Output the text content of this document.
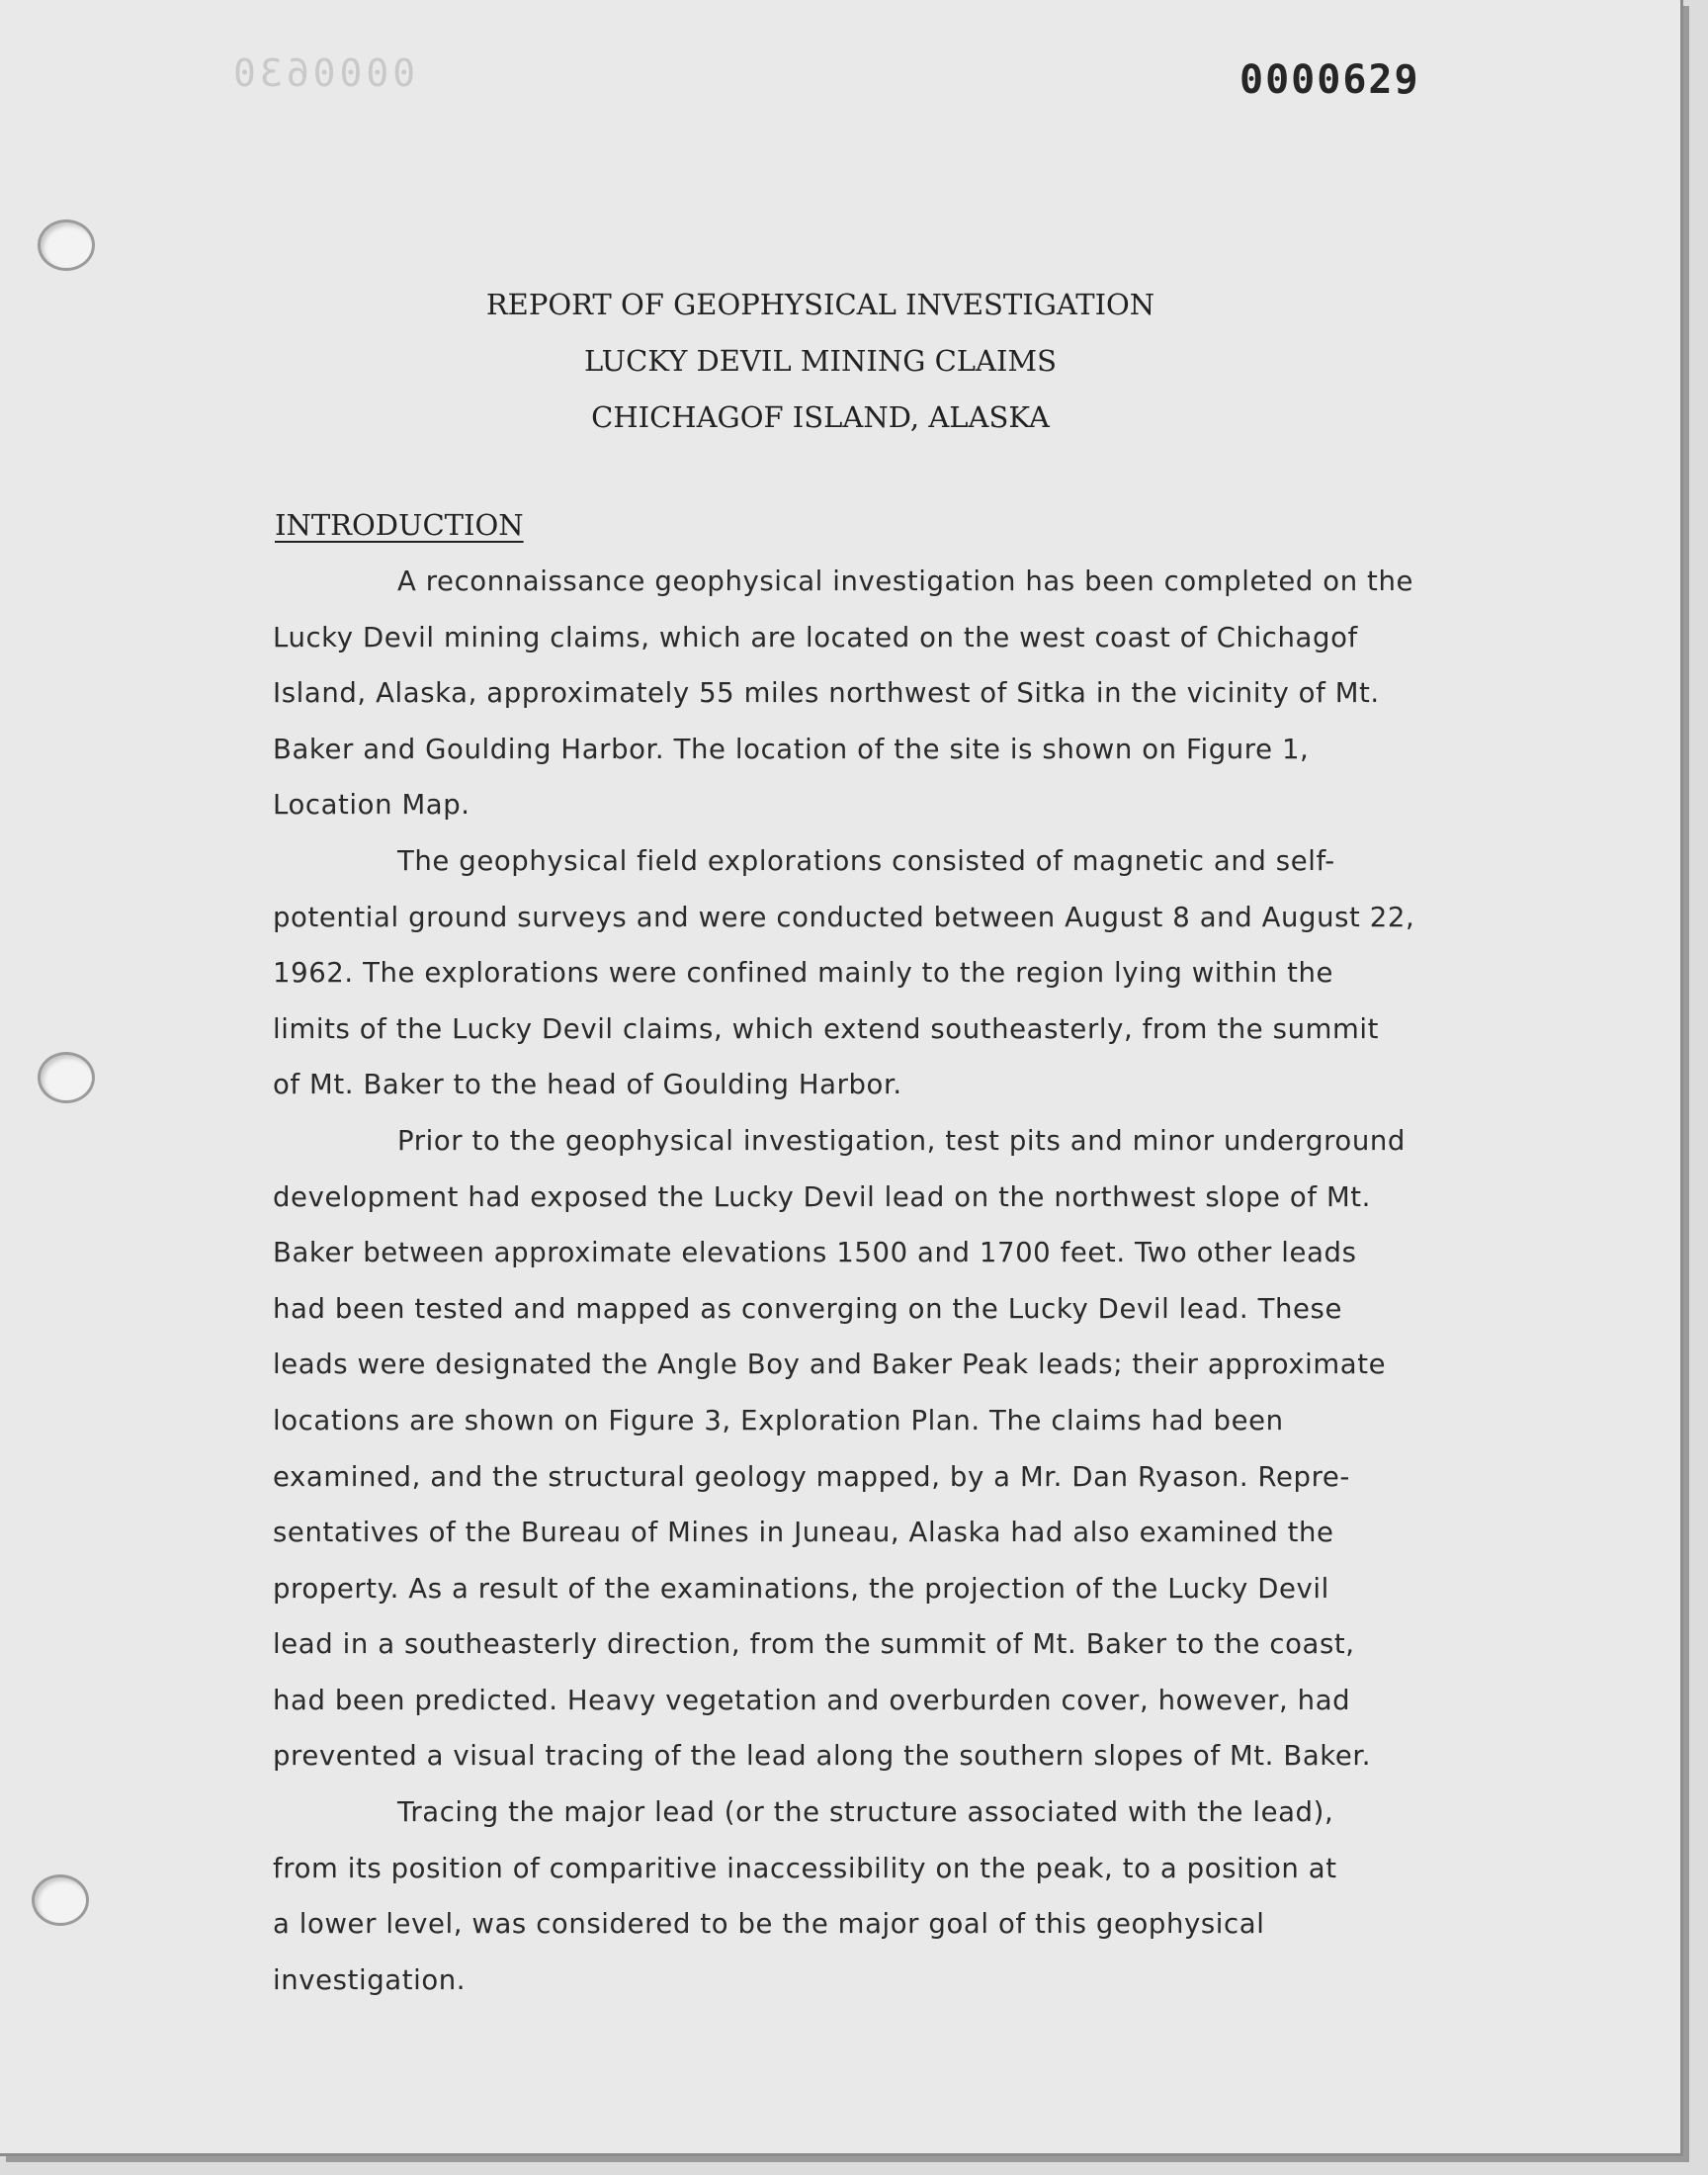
0000630	0000629
REPORT OF GEOPHYSICAL INVESTIGATION
LUCKY DEVIL MINING CLAIMS
CHICHAGOF ISLAND, ALASKA
INTRODUCTION
A reconnaissance geophysical investigation has been completed on the
Lucky Devil mining claims, which are located on the west coast of Chichagof
Island, Alaska, approximately 55 miles northwest of Sitka in the vicinity of Mt.
Baker and Goulding Harbor. The location of the site is shown on Figure 1,
Location Map.
The geophysical field explorations consisted of magnetic and self-
potential ground surveys and were conducted between August 8 and August 22,
1962. The explorations were confined mainly to the region lying within the
limits of the Lucky Devil claims, which extend southeasterly, from the summit
of Mt. Baker to the head of Goulding Harbor.
Prior to the geophysical investigation, test pits and minor underground
development had exposed the Lucky Devil lead on the northwest slope of Mt.
Baker between approximate elevations 1500 and 1700 feet. Two other leads
had been tested and mapped as converging on the Lucky Devil lead. These
leads were designated the Angle Boy and Baker Peak leads; their approximate
locations are shown on Figure 3, Exploration Plan. The claims had been
examined, and the structural geology mapped, by a Mr. Dan Ryason. Repre-
sentatives of the Bureau of Mines in Juneau, Alaska had also examined the
property. As a result of the examinations, the projection of the Lucky Devil
lead in a southeasterly direction, from the summit of Mt. Baker to the coast,
had been predicted. Heavy vegetation and overburden cover, however, had
prevented a visual tracing of the lead along the southern slopes of Mt. Baker.
Tracing the major lead (or the structure associated with the lead),
from its position of comparitive inaccessibility on the peak, to a position at
a lower level, was considered to be the major goal of this geophysical
investigation.
